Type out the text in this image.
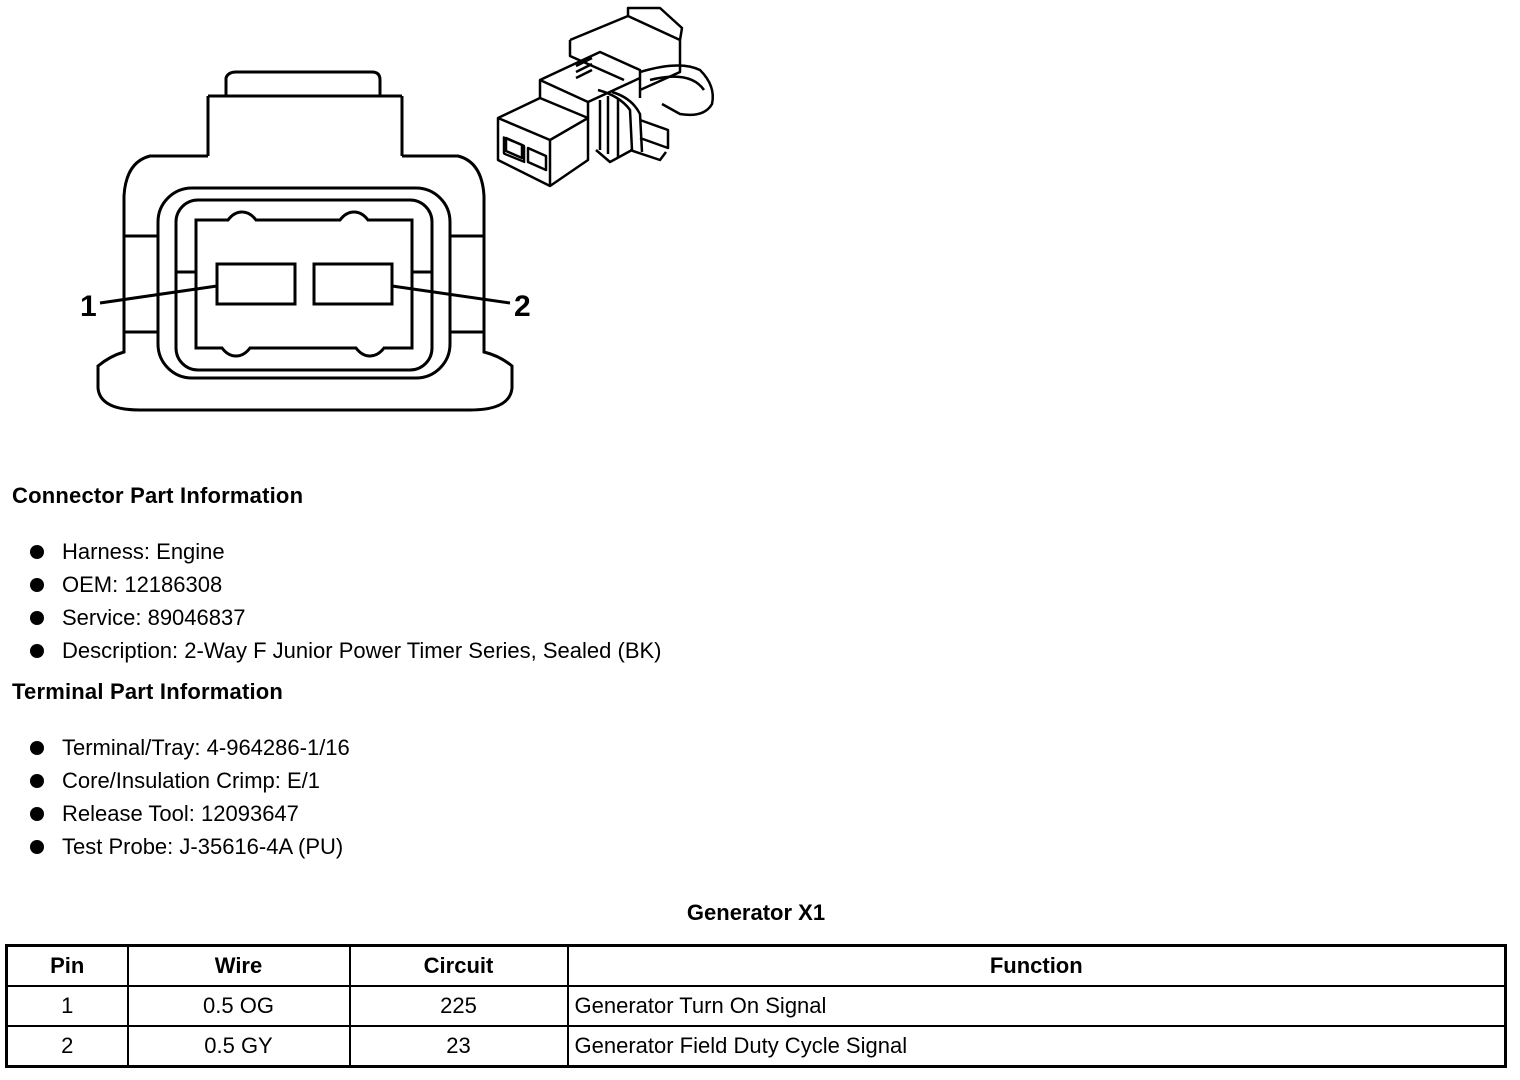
1	2
Connector Part Information
Harness: Engine
OEM: 12186308
Service: 89046837
Description: 2-Way F Junior Power Timer Series, Sealed (BK)
Terminal Part Information
Terminal/Tray: 4-964286-1/16
Core/Insulation Crimp: E/1
Release Tool: 12093647
Test Probe: J-35616-4A (PU)
Generator X1
Pin	Wire	Circuit	Function
1	0.5 OG	225	Generator Turn On Signal
2	0.5 GY	23	Generator Field Duty Cycle Signal
